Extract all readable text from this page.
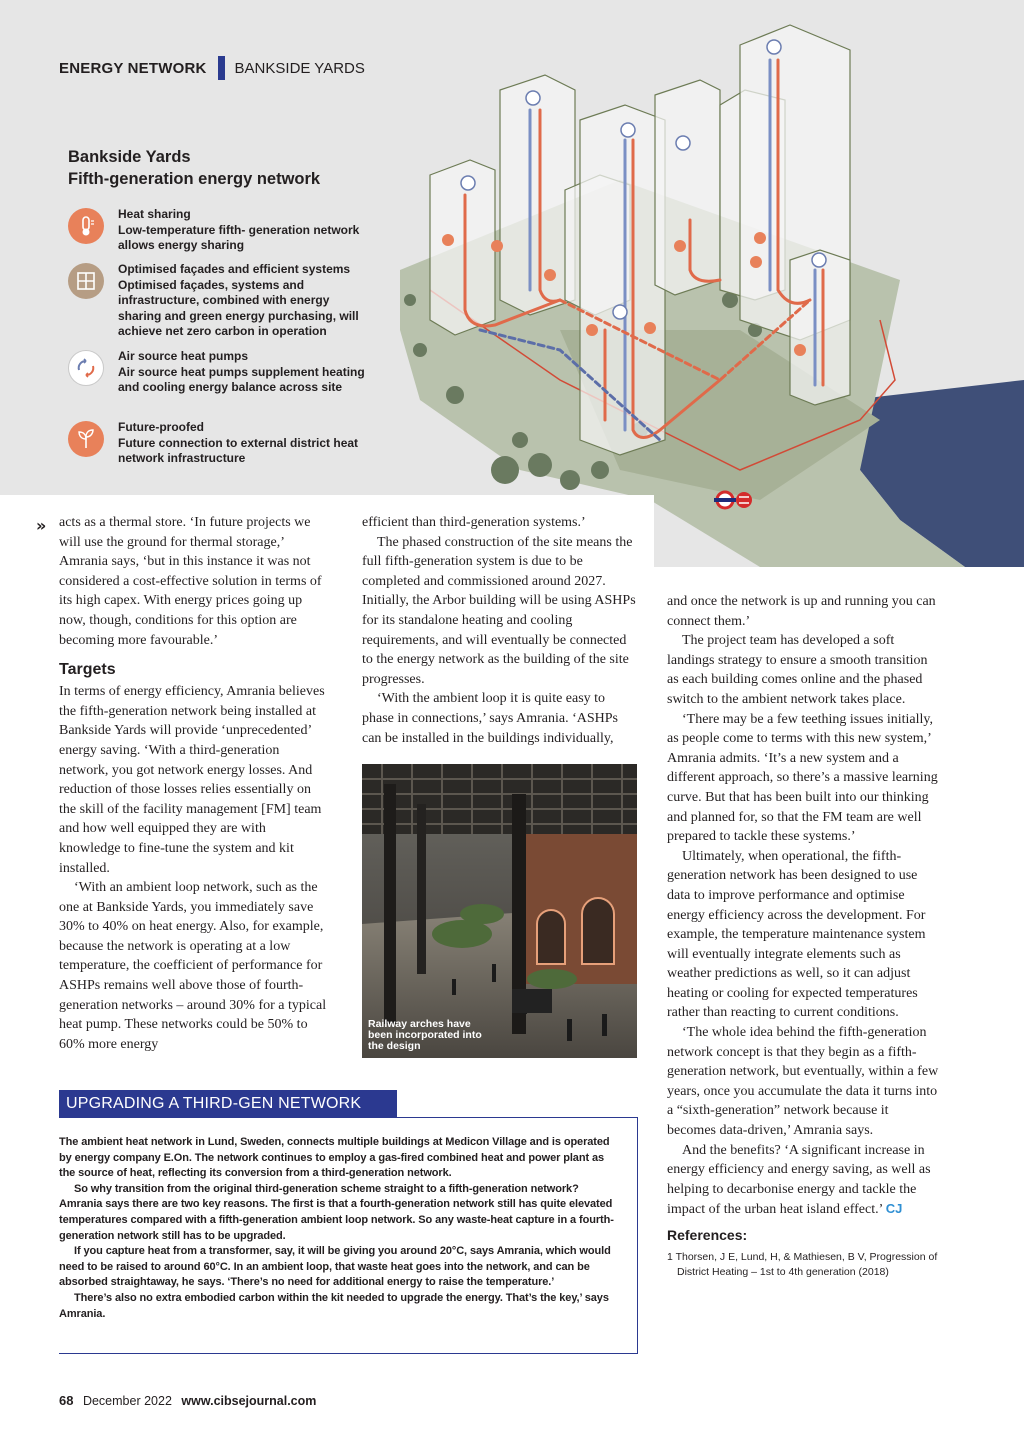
ENERGY NETWORK BANKSIDE YARDS
Bankside Yards
Fifth-generation energy network
Heat sharing
Low-temperature fifth- generation network allows energy sharing
Optimised façades and efficient systems
Optimised façades, systems and infrastructure, combined with energy sharing and green energy purchasing, will achieve net zero carbon in operation
Air source heat pumps
Air source heat pumps supplement heating and cooling energy balance across site
Future-proofed
Future connection to external district heat network infrastructure
» acts as a thermal store. ‘In future projects we will use the ground for thermal storage,’ Amrania says, ‘but in this instance it was not considered a cost-effective solution in terms of its high capex. With energy prices going up now, though, conditions for this option are becoming more favourable.’

Targets

In terms of energy efficiency, Amrania believes the fifth-generation network being installed at Bankside Yards will provide ‘unprecedented’ energy saving. ‘With a third-generation network, you got network energy losses. And reduction of those losses relies essentially on the skill of the facility management [FM] team and how well equipped they are with knowledge to fine-tune the system and kit installed.

‘With an ambient loop network, such as the one at Bankside Yards, you immediately save 30% to 40% on heat energy. Also, for example, because the network is operating at a low temperature, the coefficient of performance for ASHPs remains well above those of fourth-generation networks – around 30% for a typical heat pump. These networks could be 50% to 60% more energy

efficient than third-generation systems.’

The phased construction of the site means the full fifth-generation system is due to be completed and commissioned around 2027. Initially, the Arbor building will be using ASHPs for its standalone heating and cooling requirements, and will eventually be connected to the energy network as the building of the site progresses.

‘With the ambient loop it is quite easy to phase in connections,’ says Amrania. ‘ASHPs can be installed in the buildings individually,

Railway arches have been incorporated into the design

and once the network is up and running you can connect them.’

The project team has developed a soft landings strategy to ensure a smooth transition as each building comes online and the phased switch to the ambient network takes place.

‘There may be a few teething issues initially, as people come to terms with this new system,’ Amrania admits. ‘It’s a new system and a different approach, so there’s a massive learning curve. But that has been built into our thinking and planned for, so that the FM team are well prepared to tackle these systems.’

Ultimately, when operational, the fifth-generation network has been designed to use data to improve performance and optimise energy efficiency across the development. For example, the temperature maintenance system will eventually integrate elements such as weather predictions as well, so it can adjust heating or cooling for expected temperatures rather than reacting to current conditions.

‘The whole idea behind the fifth-generation network concept is that they begin as a fifth-generation network, but eventually, within a few years, once you accumulate the data it turns into a “sixth-generation” network because it becomes data-driven,’ Amrania says.

And the benefits? ‘A significant increase in energy efficiency and energy saving, as well as helping to decarbonise energy and tackle the impact of the urban heat island effect.’ CJ

References:
1 Thorsen, J E, Lund, H, & Mathiesen, B V, Progression of District Heating – 1st to 4th generation (2018)
UPGRADING A THIRD-GEN NETWORK

The ambient heat network in Lund, Sweden, connects multiple buildings at Medicon Village and is operated by energy company E.On. The network continues to employ a gas-fired combined heat and power plant as the source of heat, reflecting its conversion from a third-generation network.

So why transition from the original third-generation scheme straight to a fifth-generation network? Amrania says there are two key reasons. The first is that a fourth-generation network still has quite elevated temperatures compared with a fifth-generation ambient loop network. So any waste-heat capture in a fourth-generation network still has to be upgraded.

If you capture heat from a transformer, say, it will be giving you around 20°C, says Amrania, which would need to be raised to around 60°C. In an ambient loop, that waste heat goes into the network, and can be absorbed straightaway, he says. ‘There’s no need for additional energy to raise the temperature.’

There’s also no extra embodied carbon within the kit needed to upgrade the energy. That’s the key,’ says Amrania.

68 December 2022 www.cibsejournal.com
